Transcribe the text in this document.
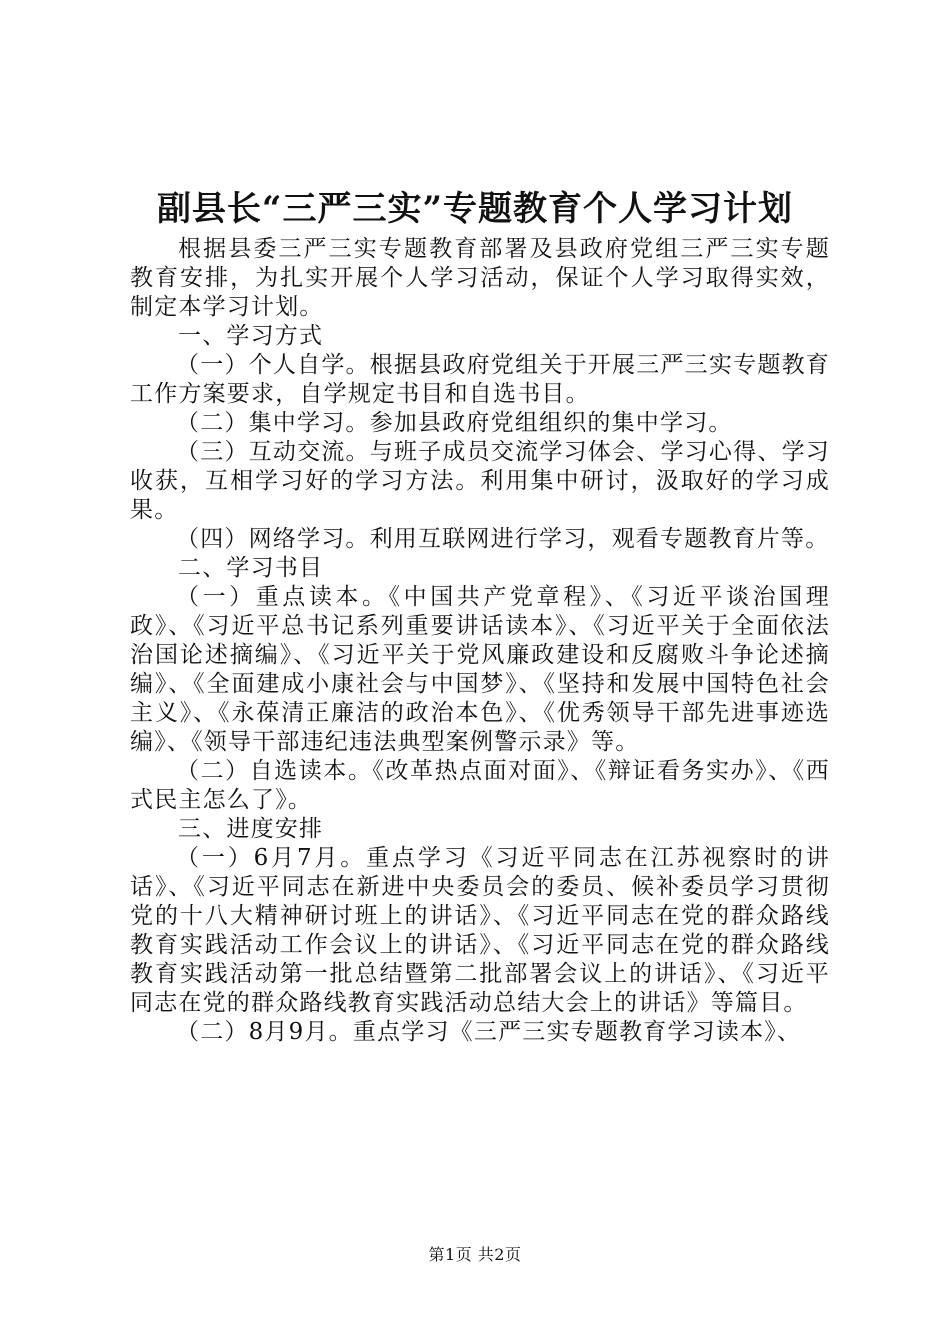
副县长“三严三实”专题教育个人学习计划

根据县委三严三实专题教育部署及县政府党组三严三实专题教育安排，为扎实开展个人学习活动，保证个人学习取得实效，制定本学习计划。

一、学习方式

（一）个人自学。根据县政府党组关于开展三严三实专题教育工作方案要求，自学规定书目和自选书目。

（二）集中学习。参加县政府党组组织的集中学习。

（三）互动交流。与班子成员交流学习体会、学习心得、学习收获，互相学习好的学习方法。利用集中研讨，汲取好的学习成果。

（四）网络学习。利用互联网进行学习，观看专题教育片等。

二、学习书目

（一）重点读本。《中国共产党章程》、《习近平谈治国理政》、《习近平总书记系列重要讲话读本》、《习近平关于全面依法治国论述摘编》、《习近平关于党风廉政建设和反腐败斗争论述摘编》、《全面建成小康社会与中国梦》、《坚持和发展中国特色社会主义》、《永葆清正廉洁的政治本色》、《优秀领导干部先进事迹选编》、《领导干部违纪违法典型案例警示录》等。

（二）自选读本。《改革热点面对面》、《辩证看务实办》、《西式民主怎么了》。

三、进度安排

（一）6月7月。重点学习《习近平同志在江苏视察时的讲话》、《习近平同志在新进中央委员会的委员、候补委员学习贯彻党的十八大精神研讨班上的讲话》、《习近平同志在党的群众路线教育实践活动工作会议上的讲话》、《习近平同志在党的群众路线教育实践活动第一批总结暨第二批部署会议上的讲话》、《习近平同志在党的群众路线教育实践活动总结大会上的讲话》等篇目。

（二）8月9月。重点学习《三严三实专题教育学习读本》、

第1页 共2页
